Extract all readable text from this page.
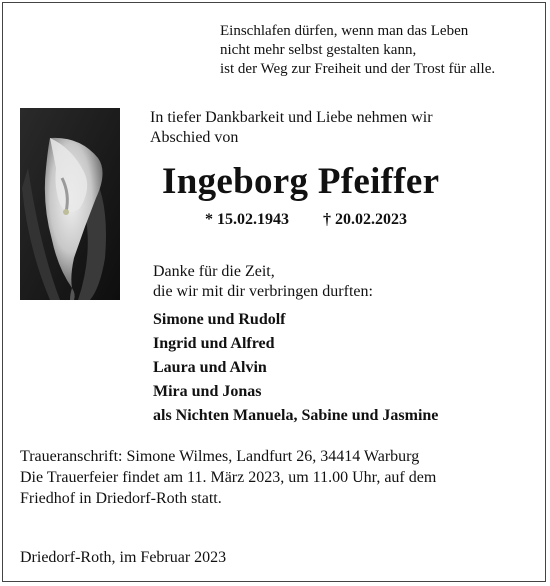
Einschlafen dürfen, wenn man das Leben
nicht mehr selbst gestalten kann,
ist der Weg zur Freiheit und der Trost für alle.
In tiefer Dankbarkeit und Liebe nehmen wir
Abschied von
Ingeborg Pfeiffer
* 15.02.1943 † 20.02.2023
Danke für die Zeit,
die wir mit dir verbringen durften:
Simone und Rudolf
Ingrid und Alfred
Laura und Alvin
Mira und Jonas
als Nichten Manuela, Sabine und Jasmine
Traueranschrift: Simone Wilmes, Landfurt 26, 34414 Warburg
Die Trauerfeier findet am 11. März 2023, um 11.00 Uhr, auf dem
Friedhof in Driedorf-Roth statt.
Driedorf-Roth, im Februar 2023
